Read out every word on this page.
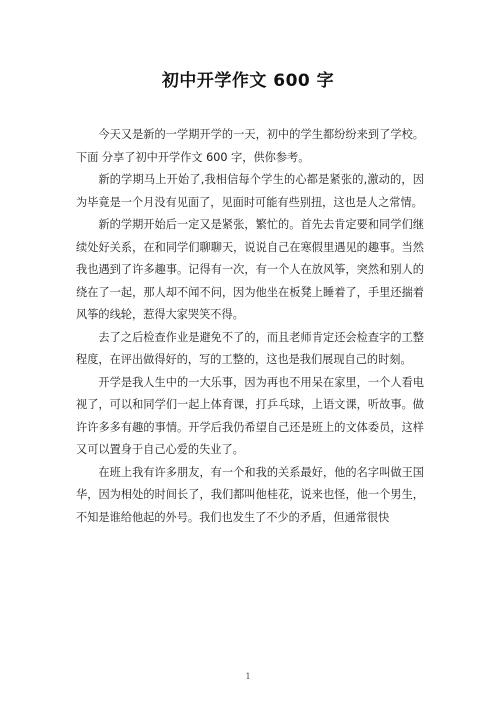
初中开学作文 600 字

今天又是新的一学期开学的一天，初中的学生都纷纷来到了学校。下面 分享了初中开学作文 600 字，供你参考。

新的学期马上开始了,我相信每个学生的心都是紧张的,激动的，因为毕竟是一个月没有见面了，见面时可能有些别扭，这也是人之常情。

新的学期开始后一定又是紧张，繁忙的。首先去肯定要和同学们继续处好关系，在和同学们聊聊天，说说自己在寒假里遇见的趣事。当然我也遇到了许多趣事。记得有一次，有一个人在放风筝，突然和别人的绕在了一起，那人却不闻不问，因为他坐在板凳上睡着了，手里还揣着风筝的线轮，惹得大家哭笑不得。

去了之后检查作业是避免不了的，而且老师肯定还会检查字的工整程度，在评出做得好的，写的工整的，这也是我们展现自己的时刻。

开学是我人生中的一大乐事，因为再也不用呆在家里，一个人看电视了，可以和同学们一起上体育课，打乒乓球，上语文课，听故事。做许许多多有趣的事情。开学后我仍希望自己还是班上的文体委员，这样又可以置身于自己心爱的失业了。

在班上我有许多朋友，有一个和我的关系最好，他的名字叫做王国华，因为相处的时间长了，我们都叫他桂花，说来也怪，他一个男生，不知是谁给他起的外号。我们也发生了不少的矛盾，但通常很快

1
